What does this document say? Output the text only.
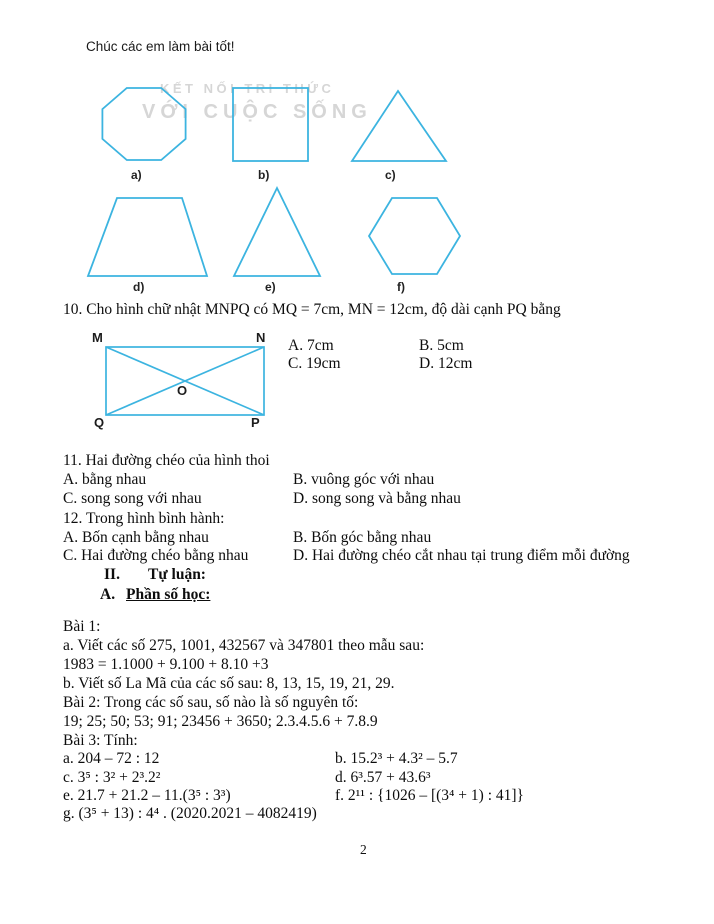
Chúc các em làm bài tốt!
KẾT NỐI TRI THỨC
VỚI CUỘC SỐNG
a)	b)	c)
d)	e)	f)
10. Cho hình chữ nhật MNPQ có MQ = 7cm, MN = 12cm, độ dài cạnh PQ bằng
M	N
Q	P
O
A. 7cm	B. 5cm
C. 19cm	D. 12cm
11. Hai đường chéo của hình thoi
A. bằng nhau	B. vuông góc với nhau
C. song song với nhau	D. song song và bằng nhau
12. Trong hình bình hành:
A. Bốn cạnh bằng nhau	B. Bốn góc bằng nhau
C. Hai đường chéo bằng nhau	D. Hai đường chéo cắt nhau tại trung điểm mỗi đường
II. Tự luận:
A. Phần số học:
Bài 1:
a. Viết các số 275, 1001, 432567 và 347801 theo mẫu sau:
1983 = 1.1000 + 9.100 + 8.10 +3
b. Viết số La Mã của các số sau: 8, 13, 15, 19, 21, 29.
Bài 2: Trong các số sau, số nào là số nguyên tố:
19; 25; 50; 53; 91; 23456 + 3650; 2.3.4.5.6 + 7.8.9
Bài 3: Tính:
a. 204 – 72 : 12	b. 15.2³ + 4.3² – 5.7
c. 3⁵ : 3² + 2³.2²	d. 6³.57 + 43.6³
e. 21.7 + 21.2 – 11.(3⁵ : 3³)	f. 2¹¹ : {1026 – [(3⁴ + 1) : 41]}
g. (3⁵ + 13) : 4⁴ . (2020.2021 – 4082419)
2
